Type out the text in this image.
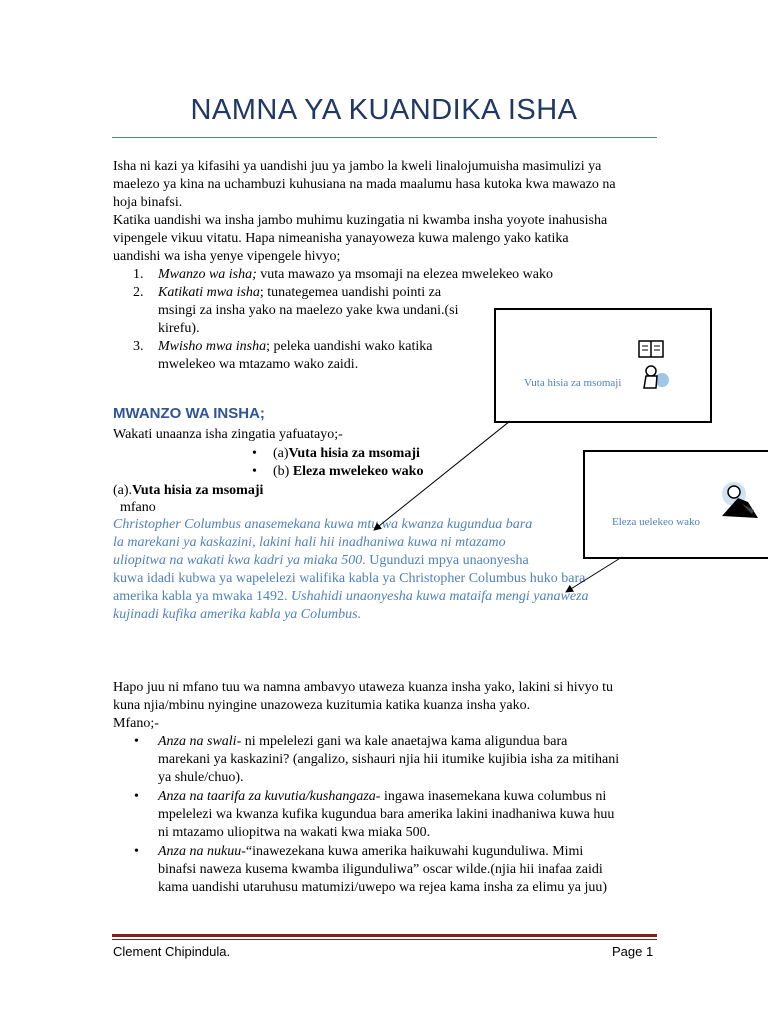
NAMNA YA KUANDIKA ISHA
Isha ni kazi ya kifasihi ya uandishi juu ya jambo la kweli linalojumuisha masimulizi ya
maelezo ya kina na uchambuzi kuhusiana na mada maalumu hasa kutoka kwa mawazo na
hoja binafsi.
Katika uandishi wa insha jambo muhimu kuzingatia ni kwamba insha yoyote inahusisha
vipengele vikuu vitatu. Hapa nimeanisha yanayoweza kuwa malengo yako katika
uandishi wa isha yenye vipengele hivyo;
1. Mwanzo wa isha; vuta mawazo ya msomaji na elezea mwelekeo wako
2. Katikati mwa isha; tunategemea uandishi pointi za
msingi za insha yako na maelezo yake kwa undani.(si
kirefu).
3. Mwisho mwa insha; peleka uandishi wako katika
mwelekeo wa mtazamo wako zaidi.
MWANZO WA INSHA;
Wakati unaanza isha zingatia yafuatayo;-
• (a)Vuta hisia za msomaji
• (b) Eleza mwelekeo wako
(a).Vuta hisia za msomaji
mfano
Christopher Columbus anasemekana kuwa mtu wa kwanza kugundua bara
la marekani ya kaskazini, lakini hali hii inadhaniwa kuwa ni mtazamo
uliopitwa na wakati kwa kadri ya miaka 500. Ugunduzi mpya unaonyesha
kuwa idadi kubwa ya wapelelezi walifika kabla ya Christopher Columbus huko bara
amerika kabla ya mwaka 1492. Ushahidi unaonyesha kuwa mataifa mengi yanaweza
kujinadi kufika amerika kabla ya Columbus.
Vuta hisia za msomaji
Eleza uelekeo wako
Hapo juu ni mfano tuu wa namna ambavyo utaweza kuanza insha yako, lakini si hivyo tu
kuna njia/mbinu nyingine unazoweza kuzitumia katika kuanza insha yako.
Mfano;-
• Anza na swali- ni mpelelezi gani wa kale anaetajwa kama aligundua bara
marekani ya kaskazini? (angalizo, sishauri njia hii itumike kujibia isha za mitihani
ya shule/chuo).
• Anza na taarifa za kuvutia/kushangaza- ingawa inasemekana kuwa columbus ni
mpelelezi wa kwanza kufika kugundua bara amerika lakini inadhaniwa kuwa huu
ni mtazamo uliopitwa na wakati kwa miaka 500.
• Anza na nukuu-“inawezekana kuwa amerika haikuwahi kugunduliwa. Mimi
binafsi naweza kusema kwamba iligunduliwa” oscar wilde.(njia hii inafaa zaidi
kama uandishi utaruhusu matumizi/uwepo wa rejea kama insha za elimu ya juu)
Clement Chipindula.	Page 1
